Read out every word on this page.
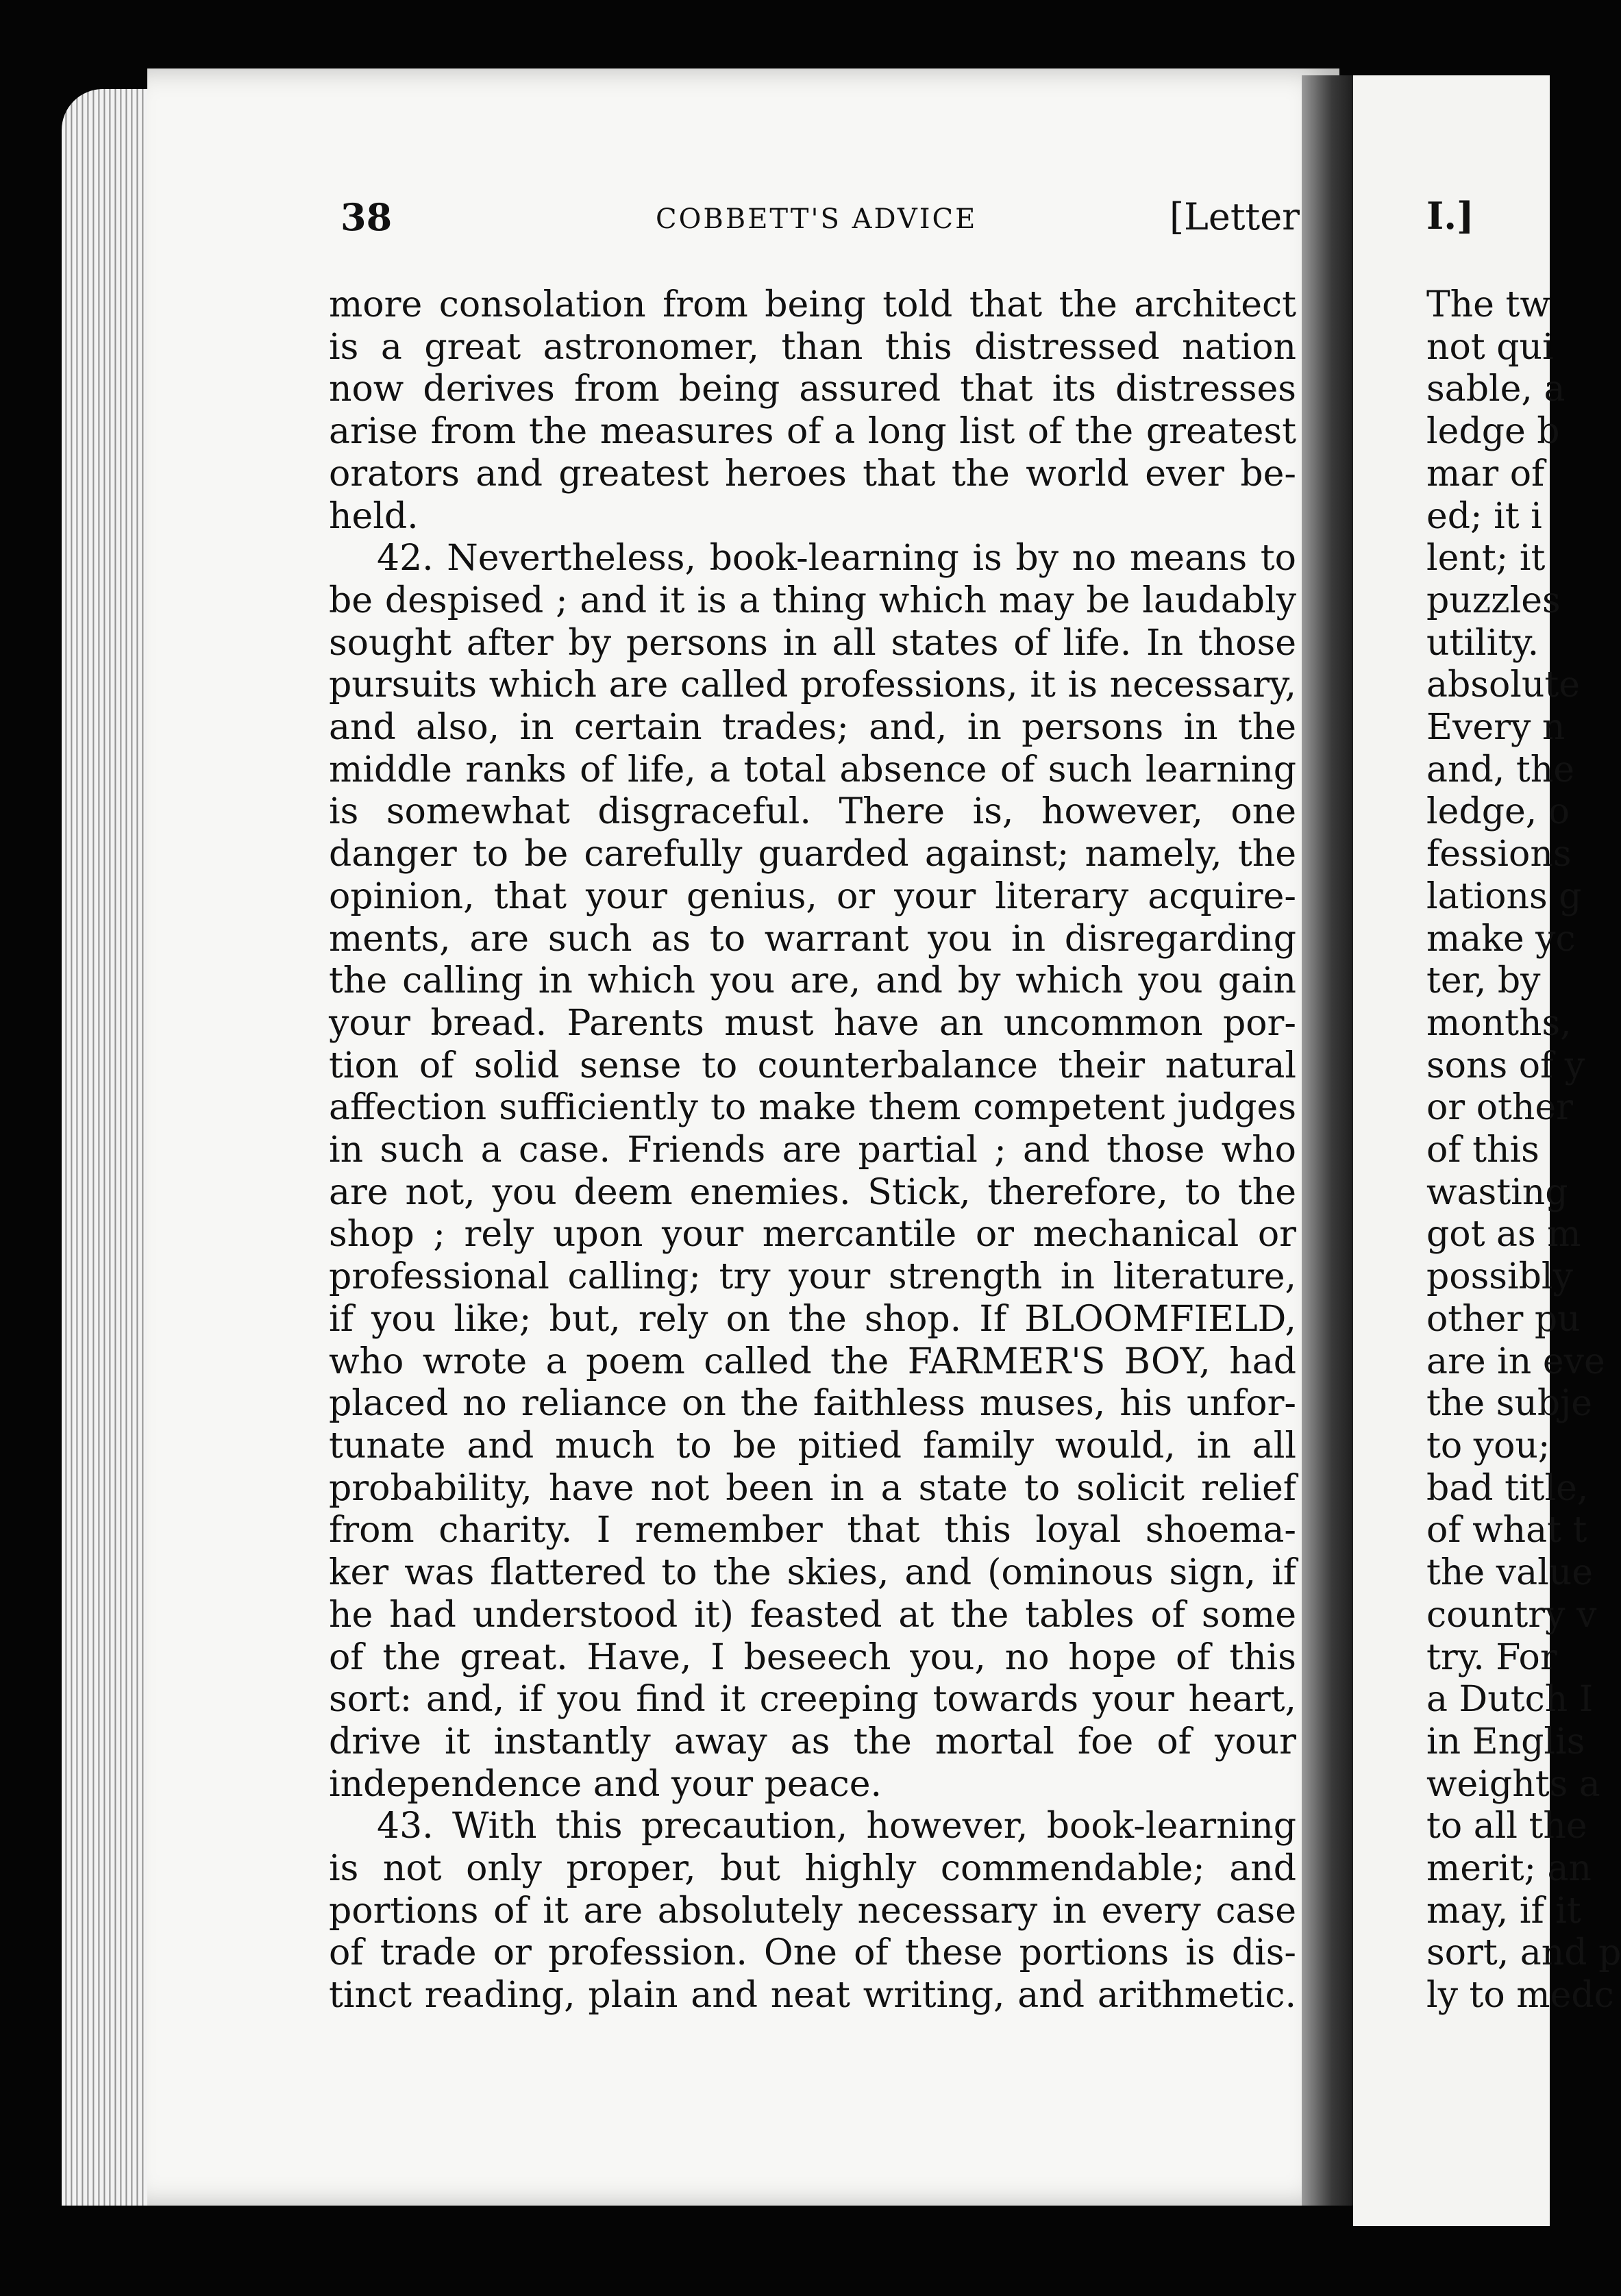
38	COBBETT'S ADVICE	[Letter

more consolation from being told that the architect
is a great astronomer, than this distressed nation
now derives from being assured that its distresses
arise from the measures of a long list of the greatest
orators and greatest heroes that the world ever be-
held.

42. Nevertheless, book-learning is by no means to
be despised ; and it is a thing which may be laudably
sought after by persons in all states of life. In those
pursuits which are called professions, it is necessary,
and also, in certain trades; and, in persons in the
middle ranks of life, a total absence of such learning
is somewhat disgraceful. There is, however, one
danger to be carefully guarded against; namely, the
opinion, that your genius, or your literary acquire-
ments, are such as to warrant you in disregarding
the calling in which you are, and by which you gain
your bread. Parents must have an uncommon por-
tion of solid sense to counterbalance their natural
affection sufficiently to make them competent judges
in such a case. Friends are partial ; and those who
are not, you deem enemies. Stick, therefore, to the
shop ; rely upon your mercantile or mechanical or
professional calling; try your strength in literature,
if you like; but, rely on the shop. If BLOOMFIELD,
who wrote a poem called the FARMER'S BOY, had
placed no reliance on the faithless muses, his unfor-
tunate and much to be pitied family would, in all
probability, have not been in a state to solicit relief
from charity. I remember that this loyal shoema-
ker was flattered to the skies, and (ominous sign, if
he had understood it) feasted at the tables of some
of the great. Have, I beseech you, no hope of this
sort: and, if you find it creeping towards your heart,
drive it instantly away as the mortal foe of your
independence and your peace.

43. With this precaution, however, book-learning
is not only proper, but highly commendable; and
portions of it are absolutely necessary in every case
of trade or profession. One of these portions is dis-
tinct reading, plain and neat writing, and arithmetic.

I.]
The tw
not qui
sable, a
ledge b
mar of
ed; it i
lent; it
puzzles
utility.
absolute
Every n
and, the
ledge, o
fessions
lations g
make yc
ter, by
months,
sons of y
or other
of this
wasting
got as m
possibly
other pu
are in eve
the subje
to you;
bad title,
of what t
the value
country v
try. For
a Dutch I
in Englis
weights a
to all the
merit; an
may, if it
sort, and p
ly to medc
